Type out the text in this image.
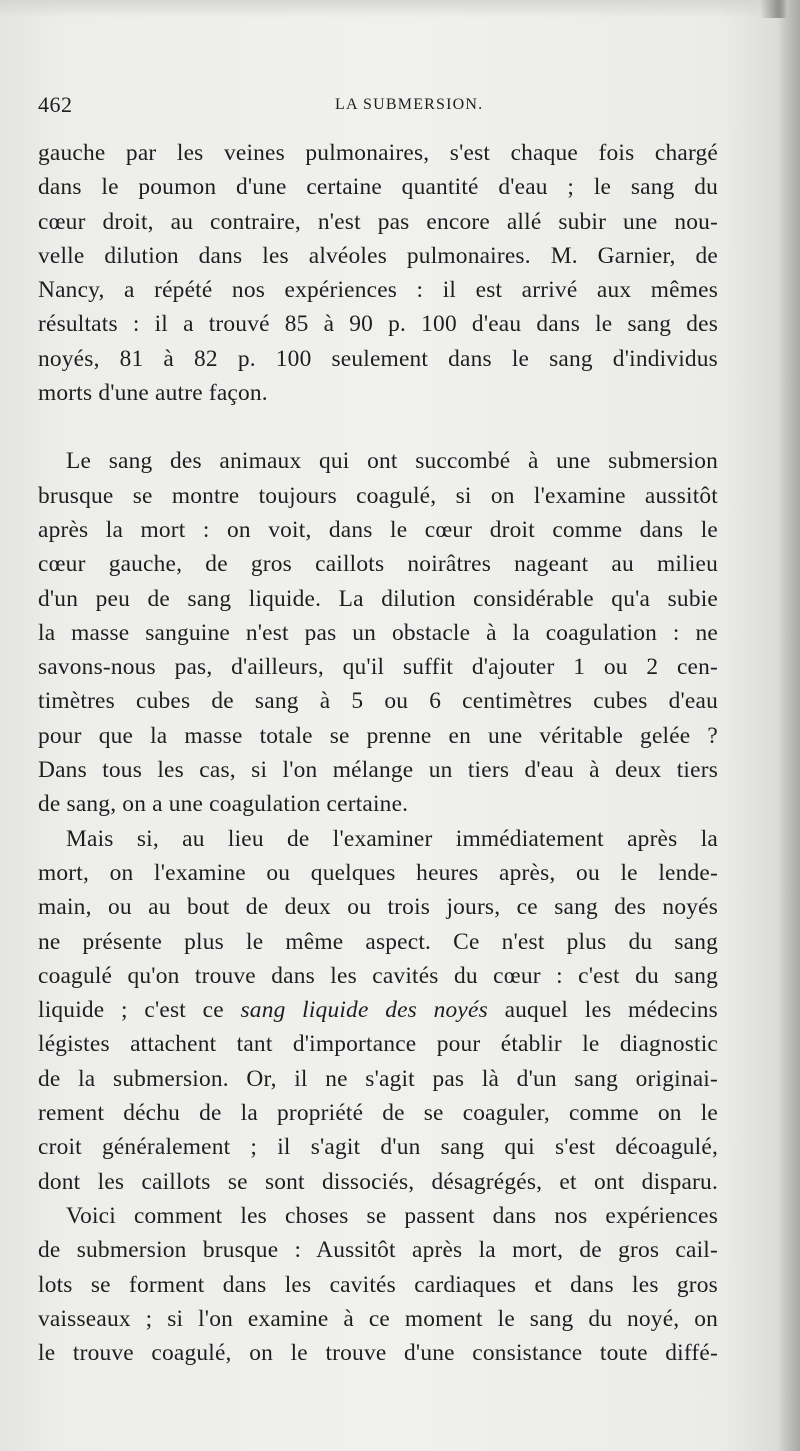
462	LA SUBMERSION.
gauche par les veines pulmonaires, s'est chaque fois chargé
dans le poumon d'une certaine quantité d'eau ; le sang du
cœur droit, au contraire, n'est pas encore allé subir une nou-
velle dilution dans les alvéoles pulmonaires. M. Garnier, de
Nancy, a répété nos expériences : il est arrivé aux mêmes
résultats : il a trouvé 85 à 90 p. 100 d'eau dans le sang des
noyés, 81 à 82 p. 100 seulement dans le sang d'individus
morts d'une autre façon.
Le sang des animaux qui ont succombé à une submersion
brusque se montre toujours coagulé, si on l'examine aussitôt
après la mort : on voit, dans le cœur droit comme dans le
cœur gauche, de gros caillots noirâtres nageant au milieu
d'un peu de sang liquide. La dilution considérable qu'a subie
la masse sanguine n'est pas un obstacle à la coagulation : ne
savons-nous pas, d'ailleurs, qu'il suffit d'ajouter 1 ou 2 cen-
timètres cubes de sang à 5 ou 6 centimètres cubes d'eau
pour que la masse totale se prenne en une véritable gelée ?
Dans tous les cas, si l'on mélange un tiers d'eau à deux tiers
de sang, on a une coagulation certaine.
Mais si, au lieu de l'examiner immédiatement après la
mort, on l'examine ou quelques heures après, ou le lende-
main, ou au bout de deux ou trois jours, ce sang des noyés
ne présente plus le même aspect. Ce n'est plus du sang
coagulé qu'on trouve dans les cavités du cœur : c'est du sang
liquide ; c'est ce sang liquide des noyés auquel les médecins
légistes attachent tant d'importance pour établir le diagnostic
de la submersion. Or, il ne s'agit pas là d'un sang originai-
rement déchu de la propriété de se coaguler, comme on le
croit généralement ; il s'agit d'un sang qui s'est décoagulé,
dont les caillots se sont dissociés, désagrégés, et ont disparu.
Voici comment les choses se passent dans nos expériences
de submersion brusque : Aussitôt après la mort, de gros cail-
lots se forment dans les cavités cardiaques et dans les gros
vaisseaux ; si l'on examine à ce moment le sang du noyé, on
le trouve coagulé, on le trouve d'une consistance toute diffé-
